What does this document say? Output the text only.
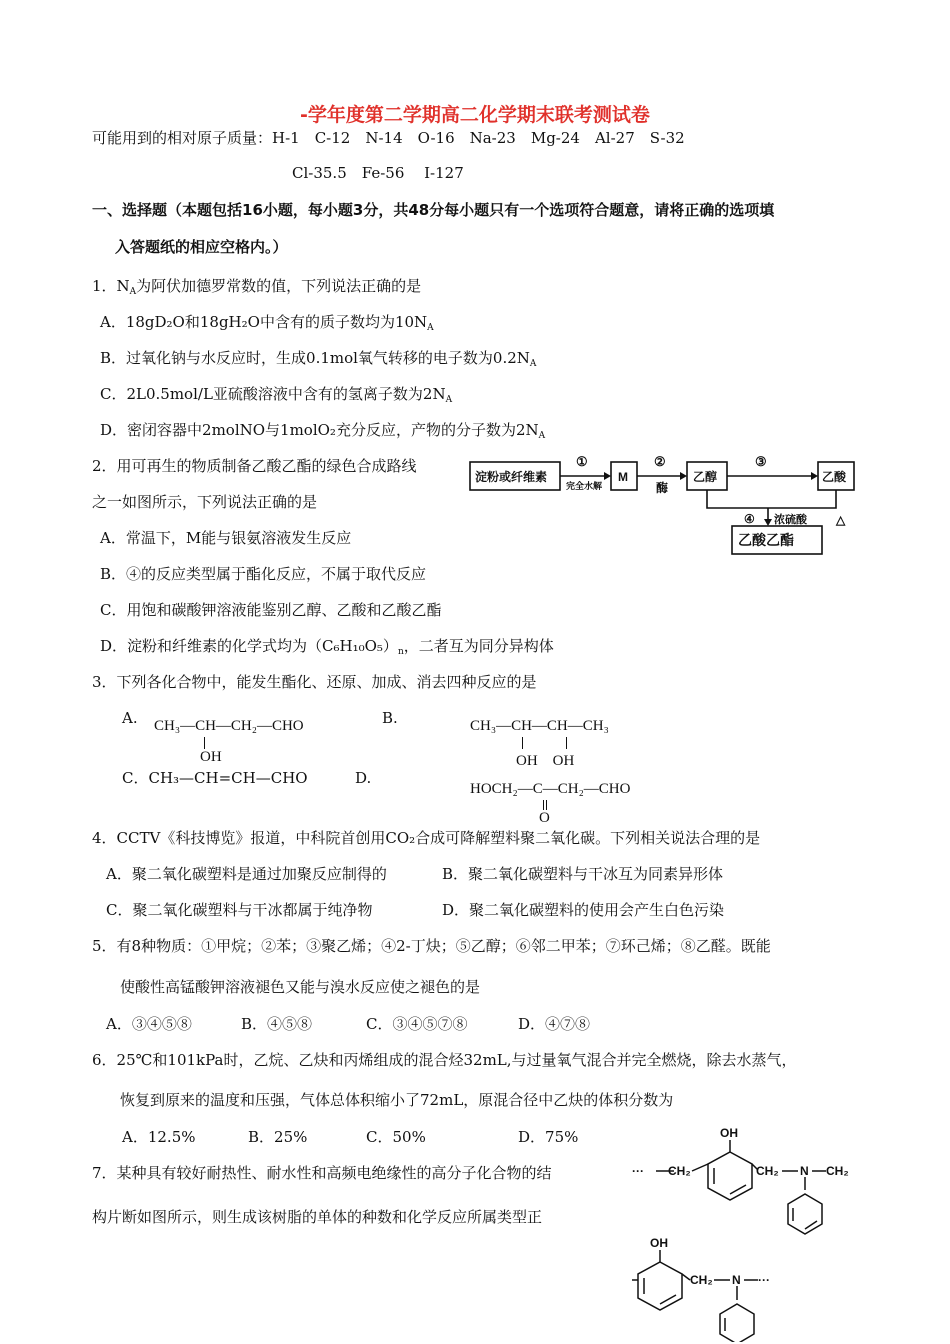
-学年度第二学期高二化学期末联考测试卷
可能用到的相对原子质量：H-1　C-12　N-14　O-16　Na-23　Mg-24　Al-27　S-32
Cl-35.5　Fe-56　 I-127
一、选择题（本题包括16小题，每小题3分，共48分每小题只有一个选项符合题意，请将正确的选项填
入答题纸的相应空格内。）
1．$N_A$为阿伏加德罗常数的值，下列说法正确的是
A．18gD₂O和18gH₂O中含有的质子数均为$10N_A$
B．过氧化钠与水反应时，生成0.1mol氧气转移的电子数为$0.2N_A$
C．2L0.5mol/L亚硫酸溶液中含有的氢离子数为$2N_A$
D．密闭容器中2molNO与1molO₂充分反应，产物的分子数为$2N_A$
2．用可再生的物质制备乙酸乙酯的绿色合成路线
之一如图所示，下列说法正确的是
A．常温下，M能与银氨溶液发生反应
B．④的反应类型属于酯化反应，不属于取代反应
C．用饱和碳酸钾溶液能鉴别乙醇、乙酸和乙酸乙酯
D．淀粉和纤维素的化学式均为$(C_6H_{10}O_5)_n$，二者互为同分异构体
淀粉或纤维素	M	乙醇	乙酸
乙酸乙酯
①
完全水解
②
酶
③
④ 浓硫酸 △
3．下列各化合物中，能发生酯化、还原、加成、消去四种反应的是
A. CH₃—CH—CH₂—CHO
OH
B.	CH₃—CH—CH—CH₃
OH　OH
C．CH₃—CH=CH—CHO	D.
HOCH₂—C—CH₂—CHO
O
4．CCTV《科技博览》报道，中科院首创用CO₂合成可降解塑料聚二氧化碳。下列相关说法合理的是
A．聚二氧化碳塑料是通过加聚反应制得的	B．聚二氧化碳塑料与干冰互为同素异形体
C．聚二氧化碳塑料与干冰都属于纯净物	D．聚二氧化碳塑料的使用会产生白色污染
5．有8种物质：①甲烷；②苯；③聚乙烯；④2-丁炔；⑤乙醇；⑥邻二甲苯；⑦环己烯；⑧乙醛。既能
使酸性高锰酸钾溶液褪色又能与溴水反应使之褪色的是
A．③④⑤⑧	B．④⑤⑧	C．③④⑤⑦⑧	D．④⑦⑧
6．25℃和101kPa时，乙烷、乙炔和丙烯组成的混合烃32mL,与过量氧气混合并完全燃烧，除去水蒸气，
恢复到原来的温度和压强，气体总体积缩小了72mL，原混合径中乙炔的体积分数为
A．12.5%	B．25%	C．50%	D．75%
7．某种具有较好耐热性、耐水性和高频电绝缘性的高分子化合物的结
构片断如图所示，则生成该树脂的单体的种数和化学反应所属类型正
OH
··· CH₂	CH₂ N CH₂
OH
CH₂ N ···
